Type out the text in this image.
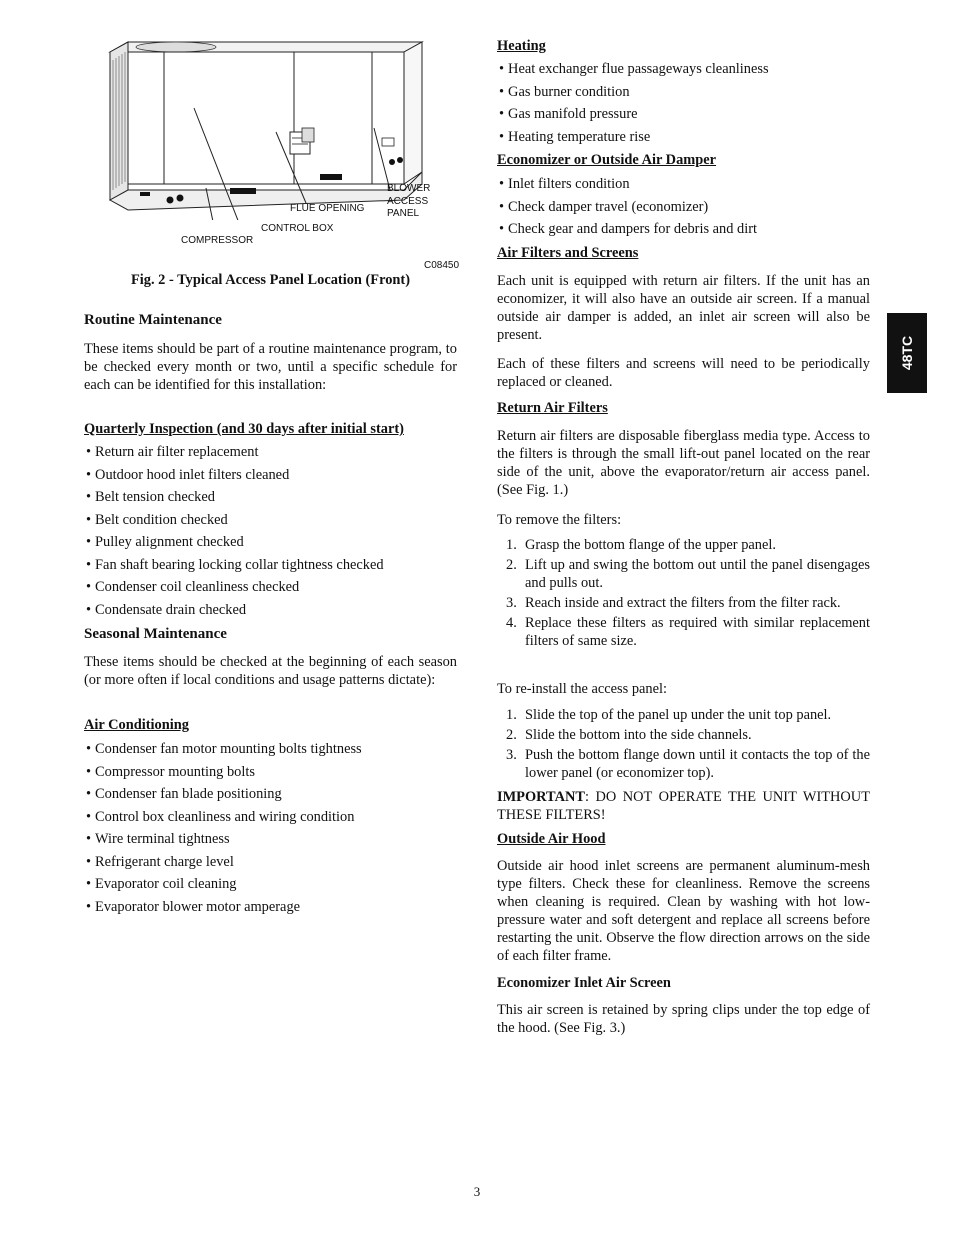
BLOWER
ACCESS
PANEL
FLUE OPENING
CONTROL BOX
COMPRESSOR
C08450
Fig. 2 - Typical Access Panel Location (Front)
Routine Maintenance
These items should be part of a routine maintenance program, to be checked every month or two, until a specific schedule for each can be identified for this installation:
Quarterly Inspection (and 30 days after initial start)
• Return air filter replacement
• Outdoor hood inlet filters cleaned
• Belt tension checked
• Belt condition checked
• Pulley alignment checked
• Fan shaft bearing locking collar tightness checked
• Condenser coil cleanliness checked
• Condensate drain checked
Seasonal Maintenance
These items should be checked at the beginning of each season (or more often if local conditions and usage patterns dictate):
Air Conditioning
• Condenser fan motor mounting bolts tightness
• Compressor mounting bolts
• Condenser fan blade positioning
• Control box cleanliness and wiring condition
• Wire terminal tightness
• Refrigerant charge level
• Evaporator coil cleaning
• Evaporator blower motor amperage
Heating
• Heat exchanger flue passageways cleanliness
• Gas burner condition
• Gas manifold pressure
• Heating temperature rise
Economizer or Outside Air Damper
• Inlet filters condition
• Check damper travel (economizer)
• Check gear and dampers for debris and dirt
Air Filters and Screens
Each unit is equipped with return air filters. If the unit has an economizer, it will also have an outside air screen. If a manual outside air damper is added, an inlet air screen will also be present.
Each of these filters and screens will need to be periodically replaced or cleaned.
Return Air Filters
Return air filters are disposable fiberglass media type. Access to the filters is through the small lift-out panel located on the rear side of the unit, above the evaporator/return air access panel. (See Fig. 1.)
To remove the filters:
1. Grasp the bottom flange of the upper panel.
2. Lift up and swing the bottom out until the panel disengages and pulls out.
3. Reach inside and extract the filters from the filter rack.
4. Replace these filters as required with similar replacement filters of same size.
To re-install the access panel:
1. Slide the top of the panel up under the unit top panel.
2. Slide the bottom into the side channels.
3. Push the bottom flange down until it contacts the top of the lower panel (or economizer top).
IMPORTANT: DO NOT OPERATE THE UNIT WITHOUT THESE FILTERS!
Outside Air Hood
Outside air hood inlet screens are permanent aluminum-mesh type filters. Check these for cleanliness. Remove the screens when cleaning is required. Clean by washing with hot low-pressure water and soft detergent and replace all screens before restarting the unit. Observe the flow direction arrows on the side of each filter frame.
Economizer Inlet Air Screen
This air screen is retained by spring clips under the top edge of the hood. (See Fig. 3.)
48TC
3
